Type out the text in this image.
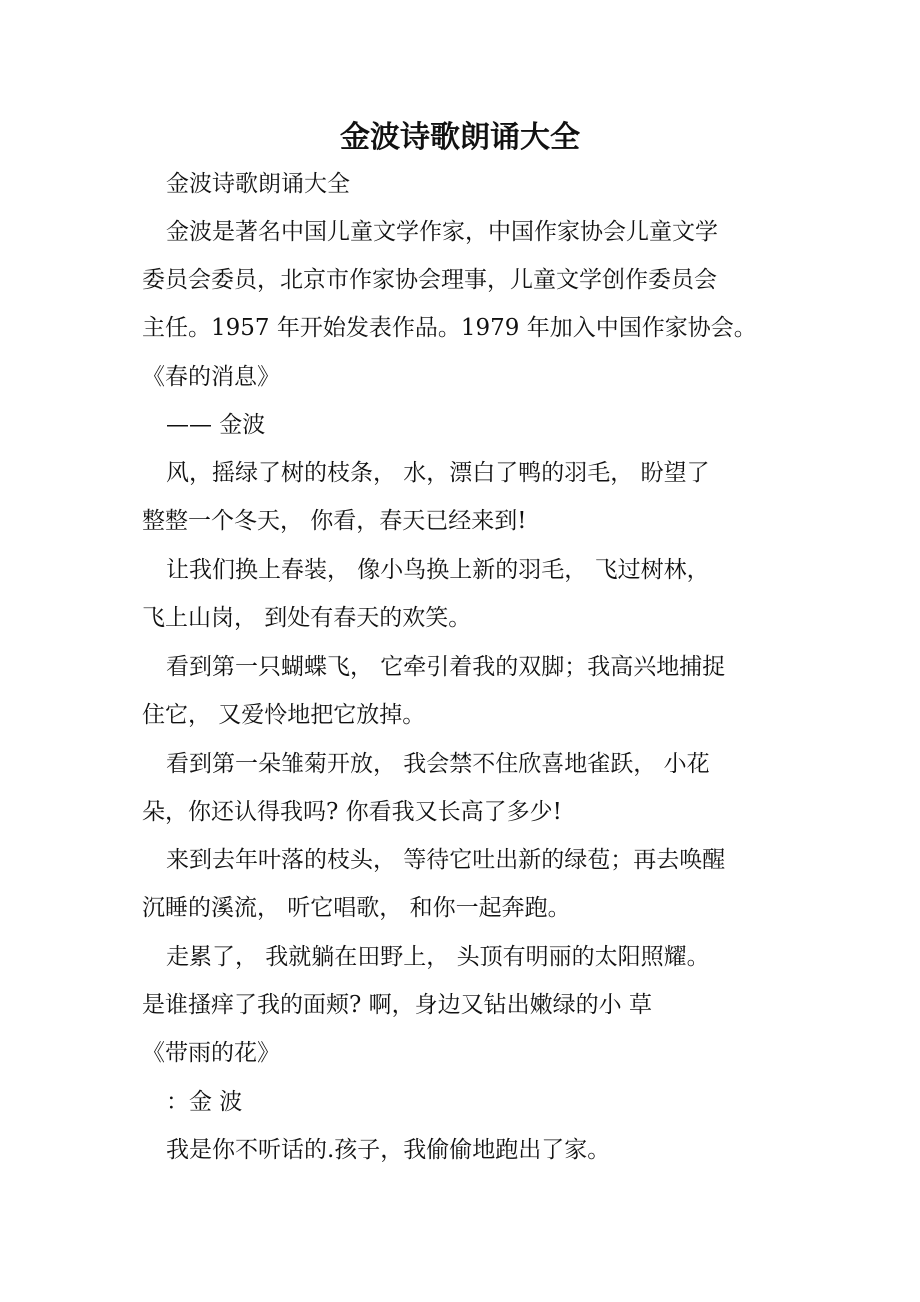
金波诗歌朗诵大全
金波诗歌朗诵大全
金波是著名中国儿童文学作家，中国作家协会儿童文学
委员会委员，北京市作家协会理事，儿童文学创作委员会
主任。1957 年开始发表作品。1979 年加入中国作家协会。
《春的消息》
—— 金波
风，摇绿了树的枝条， 水，漂白了鸭的羽毛， 盼望了
整整一个冬天， 你看，春天已经来到!
让我们换上春装， 像小鸟换上新的羽毛， 飞过树林，
飞上山岗， 到处有春天的欢笑。
看到第一只蝴蝶飞， 它牵引着我的双脚；我高兴地捕捉
住它， 又爱怜地把它放掉。
看到第一朵雏菊开放， 我会禁不住欣喜地雀跃， 小花
朵，你还认得我吗? 你看我又长高了多少!
来到去年叶落的枝头， 等待它吐出新的绿苞；再去唤醒
沉睡的溪流， 听它唱歌， 和你一起奔跑。
走累了， 我就躺在田野上， 头顶有明丽的太阳照耀。
是谁搔痒了我的面颊? 啊，身边又钻出嫩绿的小 草
《带雨的花》
：金 波
我是你不听话的.孩子，我偷偷地跑出了家。
